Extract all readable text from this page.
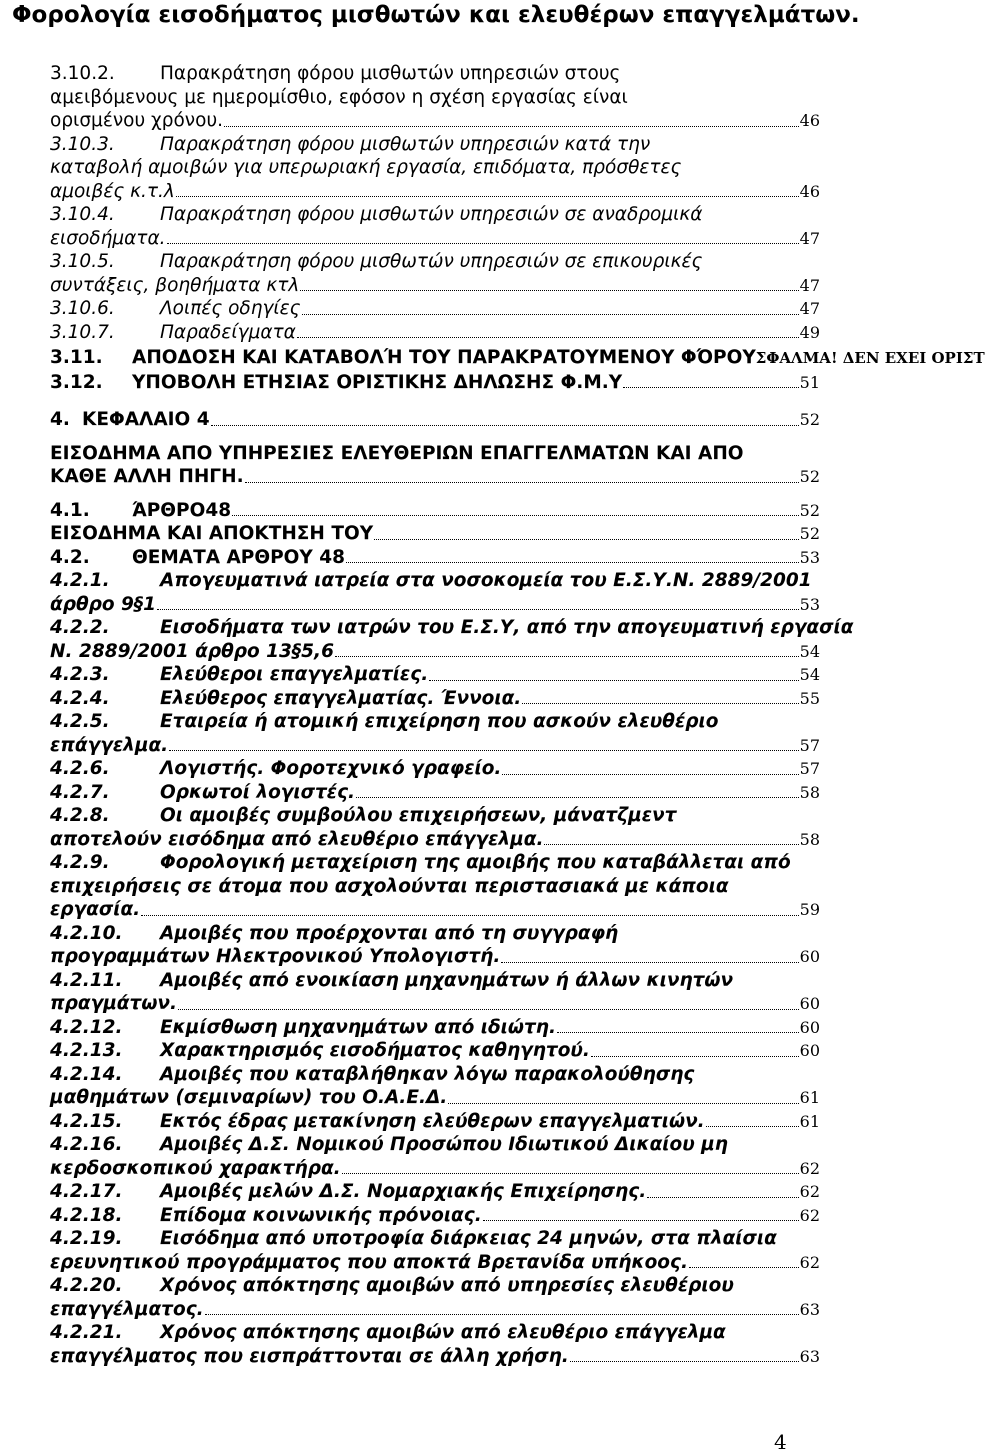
Φορολογία εισοδήματος μισθωτών και ελευθέρων επαγγελμάτων.
3.10.2. Παρακράτηση φόρου μισθωτών υπηρεσιών στους
αμειβόμενους με ημερομίσθιο, εφόσον η σχέση εργασίας είναι
ορισμένου χρόνου.	46
3.10.3. Παρακράτηση φόρου μισθωτών υπηρεσιών κατά την
καταβολή αμοιβών για υπερωριακή εργασία, επιδόματα, πρόσθετες
αμοιβές κ.τ.λ	46
3.10.4. Παρακράτηση φόρου μισθωτών υπηρεσιών σε αναδρομικά
εισοδήματα.	47
3.10.5. Παρακράτηση φόρου μισθωτών υπηρεσιών σε επικουρικές
συντάξεις, βοηθήματα κτλ	47
3.10.6.	Λοιπές οδηγίες	47
3.10.7.	Παραδείγματα	49
3.11. ΑΠΟΔΟΣΗ ΚΑΙ ΚΑΤΑΒΟΛΉ ΤΟΥ ΠΑΡΑΚΡΑΤΟΥΜΕΝΟΥ ΦΌΡΟΥΣΦΑΛΜΑ! ΔΕΝ ΕΧΕΙ ΟΡΙΣΤ
3.12.	ΥΠΟΒΟΛΗ ΕΤΗΣΙΑΣ ΟΡΙΣΤΙΚΗΣ ΔΗΛΩΣΗΣ Φ.Μ.Υ	51
4. ΚΕΦΑΛΑΙΟ 4	52
ΕΙΣΟΔΗΜΑ ΑΠΟ ΥΠΗΡΕΣΙΕΣ ΕΛΕΥΘΕΡΙΩΝ ΕΠΑΓΓΕΛΜΑΤΩΝ ΚΑΙ ΑΠΟ
ΚΑΘΕ ΑΛΛΗ ΠΗΓΗ.	52
4.1.	ΆΡΘΡΟ48	52
ΕΙΣΟΔΗΜΑ ΚΑΙ ΑΠΟΚΤΗΣΗ ΤΟΥ	52
4.2.	ΘΕΜΑΤΑ ΑΡΘΡΟΥ 48	53
4.2.1.	Απογευματινά ιατρεία στα νοσοκομεία του Ε.Σ.Υ.Ν. 2889/2001
άρθρο 9§1	53
4.2.2.	Εισοδήματα των ιατρών του Ε.Σ.Υ, από την απογευματινή εργασία
Ν. 2889/2001 άρθρο 13§5,6	54
4.2.3.	Ελεύθεροι επαγγελματίες.	54
4.2.4.	Ελεύθερος επαγγελματίας. Έννοια.	55
4.2.5.	Εταιρεία ή ατομική επιχείρηση που ασκούν ελευθέριο
επάγγελμα.	57
4.2.6.	Λογιστής. Φοροτεχνικό γραφείο.	57
4.2.7.	Ορκωτοί λογιστές.	58
4.2.8.	Οι αμοιβές συμβούλου επιχειρήσεων, μάνατζμεντ
αποτελούν εισόδημα από ελευθέριο επάγγελμα.	58
4.2.9.	Φορολογική μεταχείριση της αμοιβής που καταβάλλεται από
επιχειρήσεις σε άτομα που ασχολούνται περιστασιακά με κάποια
εργασία.	59
4.2.10. Αμοιβές που προέρχονται από τη συγγραφή
προγραμμάτων Ηλεκτρονικού Υπολογιστή.	60
4.2.11. Αμοιβές από ενοικίαση μηχανημάτων ή άλλων κινητών
πραγμάτων.	60
4.2.12.	Εκμίσθωση μηχανημάτων από ιδιώτη.	60
4.2.13.	Χαρακτηρισμός εισοδήματος καθηγητού.	60
4.2.14. Αμοιβές που καταβλήθηκαν λόγω παρακολούθησης
μαθημάτων (σεμιναρίων) του Ο.Α.Ε.Δ.	61
4.2.15.	Εκτός έδρας μετακίνηση ελεύθερων επαγγελματιών.	61
4.2.16. Αμοιβές Δ.Σ. Νομικού Προσώπου Ιδιωτικού Δικαίου μη
κερδοσκοπικού χαρακτήρα.	62
4.2.17.	Αμοιβές μελών Δ.Σ. Νομαρχιακής Επιχείρησης.	62
4.2.18.	Επίδομα κοινωνικής πρόνοιας.	62
4.2.19. Εισόδημα από υποτροφία διάρκειας 24 μηνών, στα πλαίσια
ερευνητικού προγράμματος που αποκτά Βρετανίδα υπήκοος.	62
4.2.20. Χρόνος απόκτησης αμοιβών από υπηρεσίες ελευθέριου
επαγγέλματος.	63
4.2.21. Χρόνος απόκτησης αμοιβών από ελευθέριο επάγγελμα
επαγγέλματος που εισπράττονται σε άλλη χρήση.	63
4
